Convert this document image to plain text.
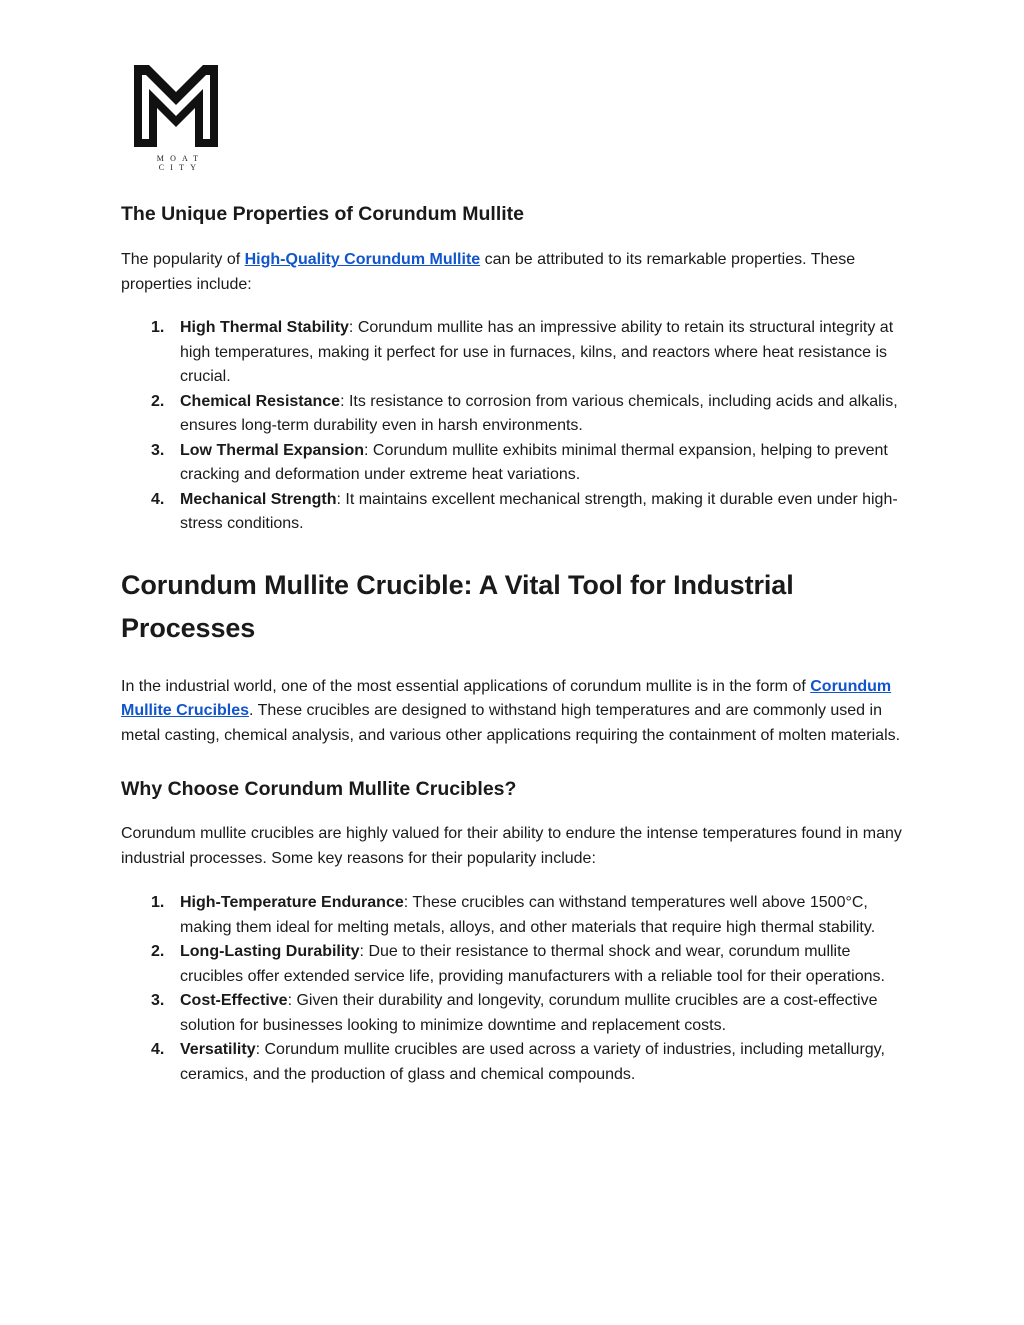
MOAT CITY
The Unique Properties of Corundum Mullite

The popularity of High-Quality Corundum Mullite can be attributed to its remarkable properties. These properties include:

1. High Thermal Stability: Corundum mullite has an impressive ability to retain its structural integrity at high temperatures, making it perfect for use in furnaces, kilns, and reactors where heat resistance is crucial.
2. Chemical Resistance: Its resistance to corrosion from various chemicals, including acids and alkalis, ensures long-term durability even in harsh environments.
3. Low Thermal Expansion: Corundum mullite exhibits minimal thermal expansion, helping to prevent cracking and deformation under extreme heat variations.
4. Mechanical Strength: It maintains excellent mechanical strength, making it durable even under high-stress conditions.
Corundum Mullite Crucible: A Vital Tool for Industrial Processes

In the industrial world, one of the most essential applications of corundum mullite is in the form of Corundum Mullite Crucibles. These crucibles are designed to withstand high temperatures and are commonly used in metal casting, chemical analysis, and various other applications requiring the containment of molten materials.

Why Choose Corundum Mullite Crucibles?

Corundum mullite crucibles are highly valued for their ability to endure the intense temperatures found in many industrial processes. Some key reasons for their popularity include:

1. High-Temperature Endurance: These crucibles can withstand temperatures well above 1500°C, making them ideal for melting metals, alloys, and other materials that require high thermal stability.
2. Long-Lasting Durability: Due to their resistance to thermal shock and wear, corundum mullite crucibles offer extended service life, providing manufacturers with a reliable tool for their operations.
3. Cost-Effective: Given their durability and longevity, corundum mullite crucibles are a cost-effective solution for businesses looking to minimize downtime and replacement costs.
4. Versatility: Corundum mullite crucibles are used across a variety of industries, including metallurgy, ceramics, and the production of glass and chemical compounds.
